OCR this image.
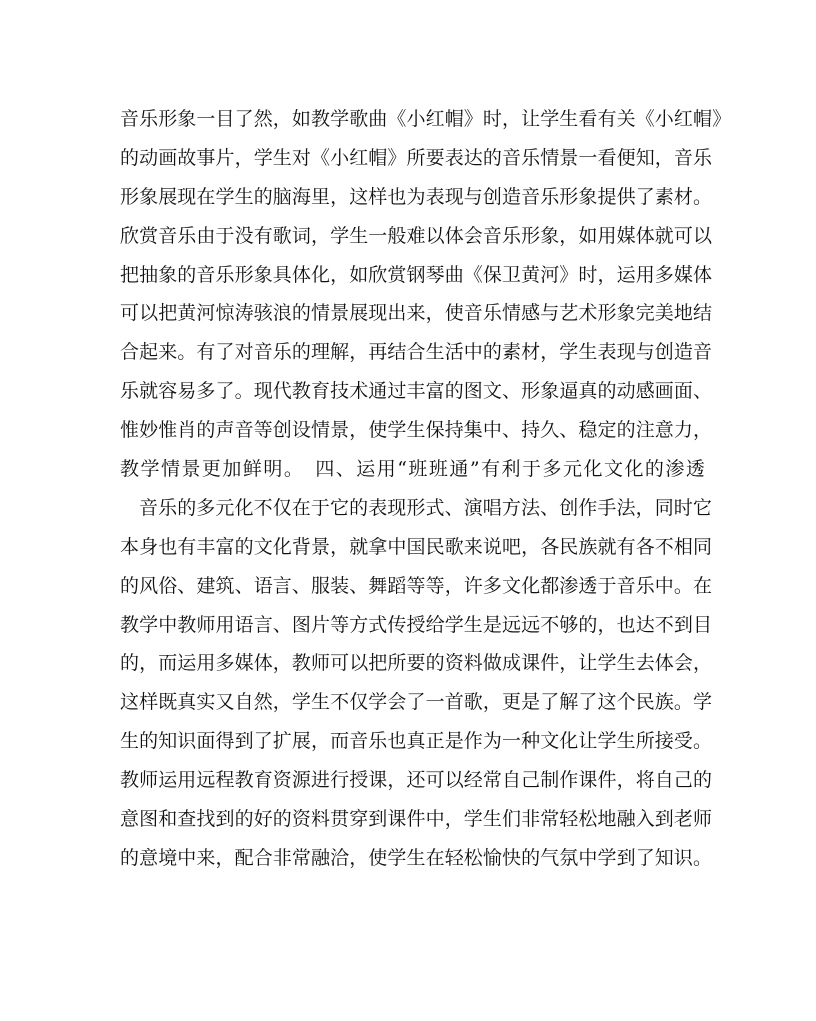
音乐形象一目了然，如教学歌曲《小红帽》时，让学生看有关《小红帽》
的动画故事片，学生对《小红帽》所要表达的音乐情景一看便知，音乐
形象展现在学生的脑海里，这样也为表现与创造音乐形象提供了素材。
欣赏音乐由于没有歌词，学生一般难以体会音乐形象，如用媒体就可以
把抽象的音乐形象具体化，如欣赏钢琴曲《保卫黄河》时，运用多媒体
可以把黄河惊涛骇浪的情景展现出来，使音乐情感与艺术形象完美地结
合起来。有了对音乐的理解，再结合生活中的素材，学生表现与创造音
乐就容易多了。现代教育技术通过丰富的图文、形象逼真的动感画面、
惟妙惟肖的声音等创设情景，使学生保持集中、持久、稳定的注意力，
教学情景更加鲜明。　四、运用“班班通”有利于多元化文化的渗透
音乐的多元化不仅在于它的表现形式、演唱方法、创作手法，同时它
本身也有丰富的文化背景，就拿中国民歌来说吧，各民族就有各不相同
的风俗、建筑、语言、服装、舞蹈等等，许多文化都渗透于音乐中。在
教学中教师用语言、图片等方式传授给学生是远远不够的，也达不到目
的，而运用多媒体，教师可以把所要的资料做成课件，让学生去体会，
这样既真实又自然，学生不仅学会了一首歌，更是了解了这个民族。学
生的知识面得到了扩展，而音乐也真正是作为一种文化让学生所接受。
教师运用远程教育资源进行授课，还可以经常自己制作课件，将自己的
意图和查找到的好的资料贯穿到课件中，学生们非常轻松地融入到老师
的意境中来，配合非常融洽，使学生在轻松愉快的气氛中学到了知识。
